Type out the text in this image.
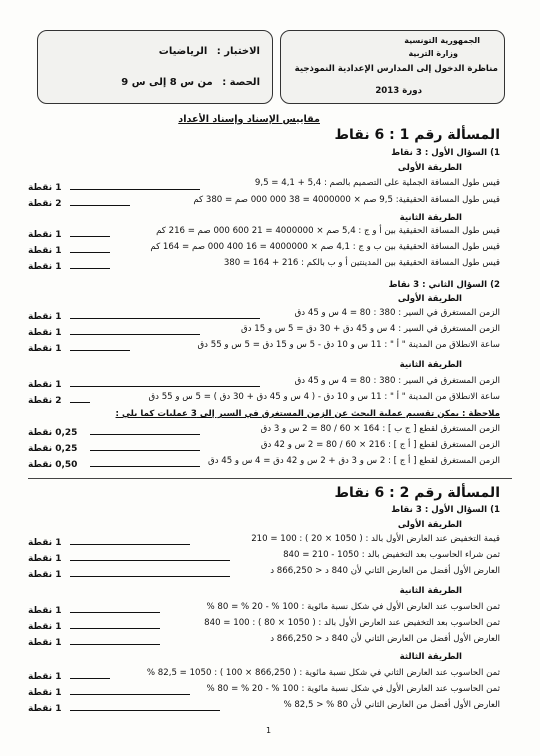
الاختبار : الرياضيات
الحصة : من س 8 إلى س 9
الجمهورية التونسية
وزارة التربية
مناظرة الدخول إلى المدارس الإعدادية النموذجية
دورة 2013
مقاييس الإسناد وإسناد الأعداد
المسألة رقم 1 : 6 نقاط
1) السؤال الأول : 3 نقاط
الطريقة الأولى
قيس طول المسافة الجملية على التصميم بالصم : 5,4 + 4,1 = 9,5
1 نقطة
قيس طول المسافة الحقيقية: 9,5 صم × 4000000 = 38 000 000 صم = 380 كم
2 نقطة
الطريقة الثانية
قيس طول المسافة الحقيقية بين أ و ج : 5,4 صم × 4000000 = 21 600 000 صم = 216 كم
1 نقطة
قيس طول المسافة الحقيقية بين ب و ج : 4,1 صم × 4000000 = 16 400 000 صم = 164 كم
1 نقطة
قيس طول المسافة الحقيقية بين المدينتين أ و ب بالكم : 216 + 164 = 380
1 نقطة
2) السؤال الثاني : 3 نقاط
الطريقة الأولى
الزمن المستغرق في السير : 380 : 80 = 4 س و 45 دق
1 نقطة
الزمن المستغرق في السير : 4 س و 45 دق + 30 دق = 5 س و 15 دق
1 نقطة
ساعة الانطلاق من المدينة " أ " : 11 س و 10 دق - 5 س و 15 دق = 5 س و 55 دق
1 نقطة
الطريقة الثانية
الزمن المستغرق في السير : 380 : 80 = 4 س و 45 دق
1 نقطة
ساعة الانطلاق من المدينة " أ " : 11 س و 10 دق - ( 4 س و 45 دق + 30 دق ) = 5 س و 55 دق
2 نقطة
ملاحظة : يمكن تقسيم عملية البحث عن الزمن المستغرق في السير إلى 3 عمليات كما يلي :
الزمن المستغرق لقطع [ ج ب ] : 164 × 60 / 80 = 2 س و 3 دق
0,25 نقطة
الزمن المستغرق لقطع [ أ ج ] : 216 × 60 / 80 = 2 س و 42 دق
0,25 نقطة
الزمن المستغرق لقطع [ أ ج ] : 2 س و 3 دق + 2 س و 42 دق = 4 س و 45 دق
0,50 نقطة
المسألة رقم 2 : 6 نقاط
1) السؤال الأول : 3 نقاط
الطريقة الأولى
قيمة التخفيض عند العارض الأول بالد : ( 1050 × 20 ) : 100 = 210
1 نقطة
ثمن شراء الحاسوب بعد التخفيض بالد : 1050 - 210 = 840
1 نقطة
العارض الأول أفضل من العارض الثاني لأن 840 د < 866,250 د
1 نقطة
الطريقة الثانية
ثمن الحاسوب عند العارض الأول في شكل نسبة مائوية : 100 % - 20 % = 80 %
1 نقطة
ثمن الحاسوب بعد التخفيض عند العارض الأول بالد : ( 1050 × 80 ) : 100 = 840
1 نقطة
العارض الأول أفضل من العارض الثاني لأن 840 د < 866,250 د
1 نقطة
الطريقة الثالثة
ثمن الحاسوب عند العارض الثاني في شكل نسبة مائوية : ( 866,250 × 100 ) : 1050 = 82,5 %
1 نقطة
ثمن الحاسوب عند العارض الأول في شكل نسبة مائوية : 100 % - 20 % = 80 %
1 نقطة
العارض الأول أفضل من العارض الثاني لأن 80 % < 82,5 %
1 نقطة
1
